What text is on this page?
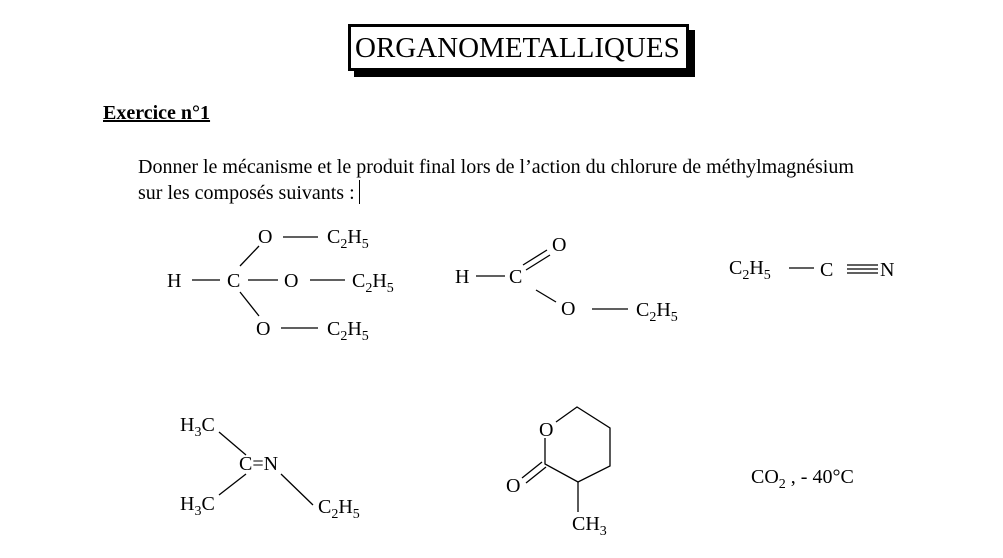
ORGANOMETALLIQUES
Exercice n°1
Donner le mécanisme et le produit final lors de l’action du chlorure de méthylmagnésium
sur les composés suivants :
H C
O
O
O
$C_2H_5$
$C_2H_5$
$C_2H_5$
H C
O
O	$C_2H_5$
$C_2H_5$ C N
$H_3C$
$H_3C$
C=N
$C_2H_5$
O
O
$CH_3$
$CO_2$ , - 40°C
